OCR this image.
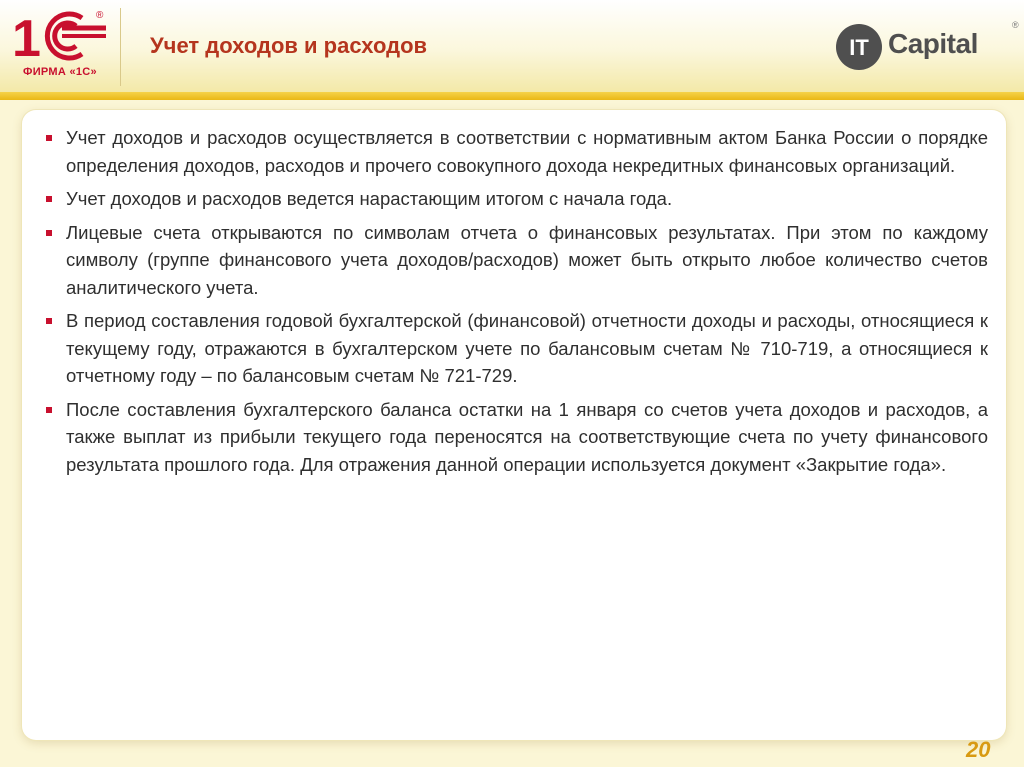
1	®
ФИРМА «1С»
Учет доходов и расходов	IT Capital
®
Учет доходов и расходов осуществляется в соответствии с нормативным актом Банка России о порядке определения доходов, расходов и прочего совокупного дохода некредитных финансовых организаций.
Учет доходов и расходов ведется нарастающим итогом с начала года.
Лицевые счета открываются по символам отчета о финансовых результатах. При этом по каждому символу (группе финансового учета доходов/расходов) может быть открыто любое количество счетов аналитического учета.
В период составления годовой бухгалтерской (финансовой) отчетности доходы и расходы, относящиеся к текущему году, отражаются в бухгалтерском учете по балансовым счетам № 710-719, а относящиеся к отчетному году – по балансовым счетам № 721-729.
После составления бухгалтерского баланса остатки на 1 января со счетов учета доходов и расходов, а также выплат из прибыли текущего года переносятся на соответствующие счета по учету финансового результата прошлого года. Для отражения данной операции используется документ «Закрытие года».
20
